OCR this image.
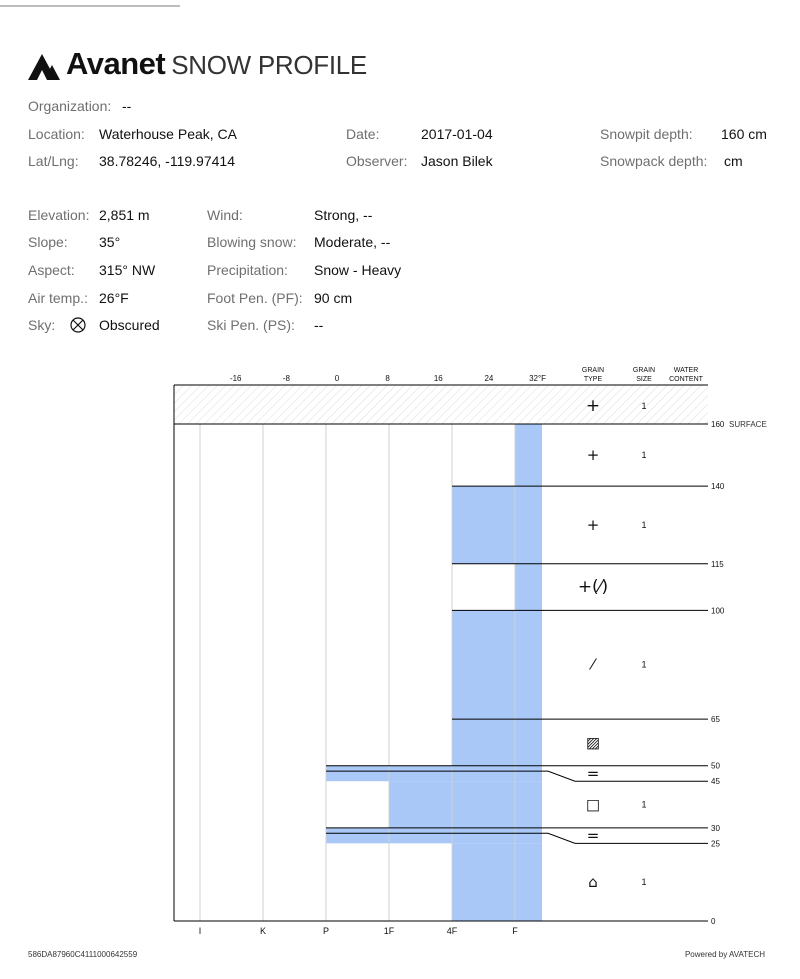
Avanet SNOW PROFILE
Organization: --
Location: Waterhouse Peak, CA
Lat/Lng: 38.78246, -119.97414
Date:	2017-01-04
Observer: Jason Bilek
Snowpit depth: 160 cm
Snowpack depth: cm
Elevation: 2,851 m
Slope: 35°
Aspect: 315° NW
Air temp.: 26°F
Sky:	Obscured
Wind:	Strong, --
Blowing snow: Moderate, --
Precipitation: Snow - Heavy
Foot Pen. (PF): 90 cm
Ski Pen. (PS): --
-16	-8	0	8	16	24	32°F
GRAIN
TYPE
GRAIN
SIZE
WATER
CONTENT
+	1
+	1
+	1
+(⁄)
⁄	1
▨
=
□	1
=
⌂	1
160
140
115
100
65
50
45
30
25
0
SURFACE
I	K	P	1F	4F	F
586DA87960C4111000642559	Powered by AVATECH
